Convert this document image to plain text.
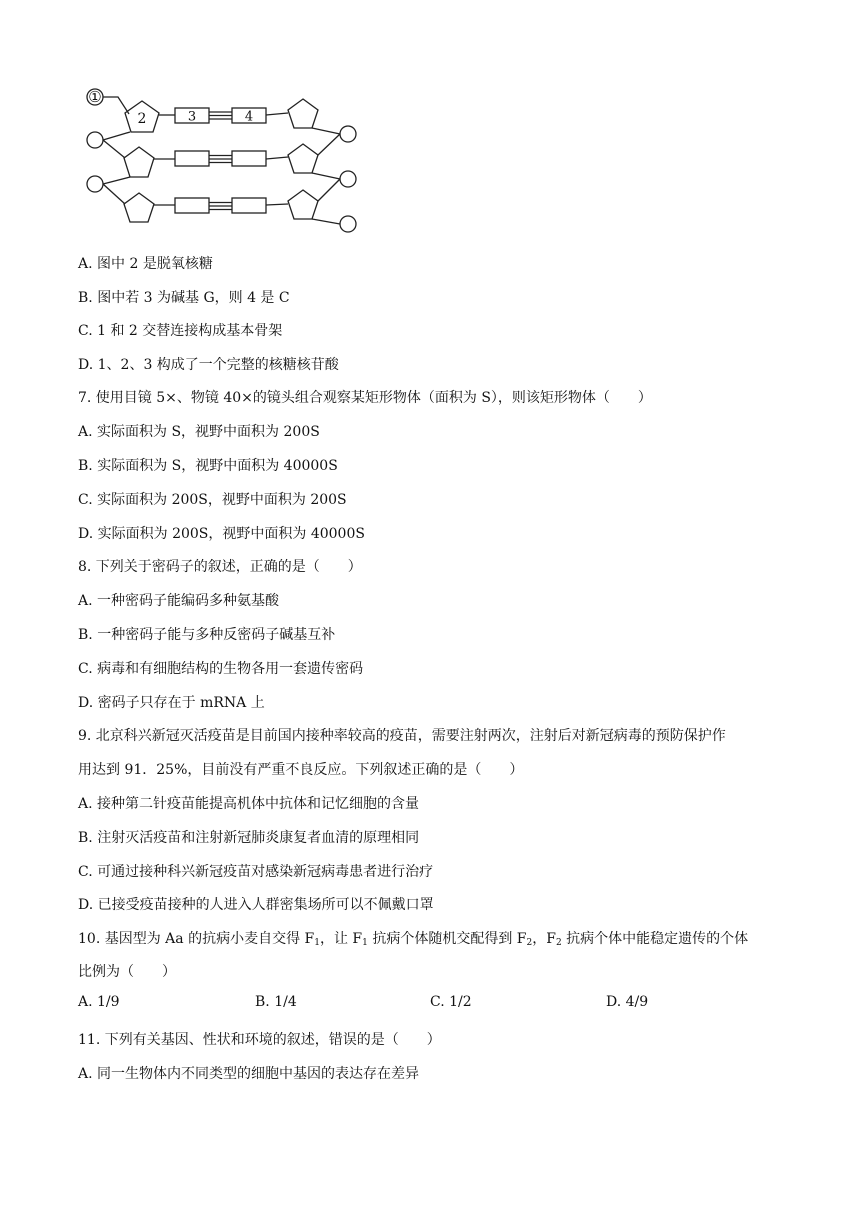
①
2	3	4
A. 图中 2 是脱氧核糖
B. 图中若 3 为碱基 G，则 4 是 C
C. 1 和 2 交替连接构成基本骨架
D. 1、2、3 构成了一个完整的核糖核苷酸
7. 使用目镜 5×、物镜 40×的镜头组合观察某矩形物体（面积为 S），则该矩形物体（　　）
A. 实际面积为 S，视野中面积为 200S
B. 实际面积为 S，视野中面积为 40000S
C. 实际面积为 200S，视野中面积为 200S
D. 实际面积为 200S，视野中面积为 40000S
8. 下列关于密码子的叙述，正确的是（　　）
A. 一种密码子能编码多种氨基酸
B. 一种密码子能与多种反密码子碱基互补
C. 病毒和有细胞结构的生物各用一套遗传密码
D. 密码子只存在于 mRNA 上
9. 北京科兴新冠灭活疫苗是目前国内接种率较高的疫苗，需要注射两次，注射后对新冠病毒的预防保护作
用达到 91．25%，目前没有严重不良反应。下列叙述正确的是（　　）
A. 接种第二针疫苗能提高机体中抗体和记忆细胞的含量
B. 注射灭活疫苗和注射新冠肺炎康复者血清的原理相同
C. 可通过接种科兴新冠疫苗对感染新冠病毒患者进行治疗
D. 已接受疫苗接种的人进入人群密集场所可以不佩戴口罩
10. 基因型为 Aa 的抗病小麦自交得 $F_1$，让 $F_1$ 抗病个体随机交配得到 $F_2$，$F_2$ 抗病个体中能稳定遗传的个体
比例为（　　）
A. 1/9	B. 1/4	C. 1/2	D. 4/9
11. 下列有关基因、性状和环境的叙述，错误的是（　　）
A. 同一生物体内不同类型的细胞中基因的表达存在差异
